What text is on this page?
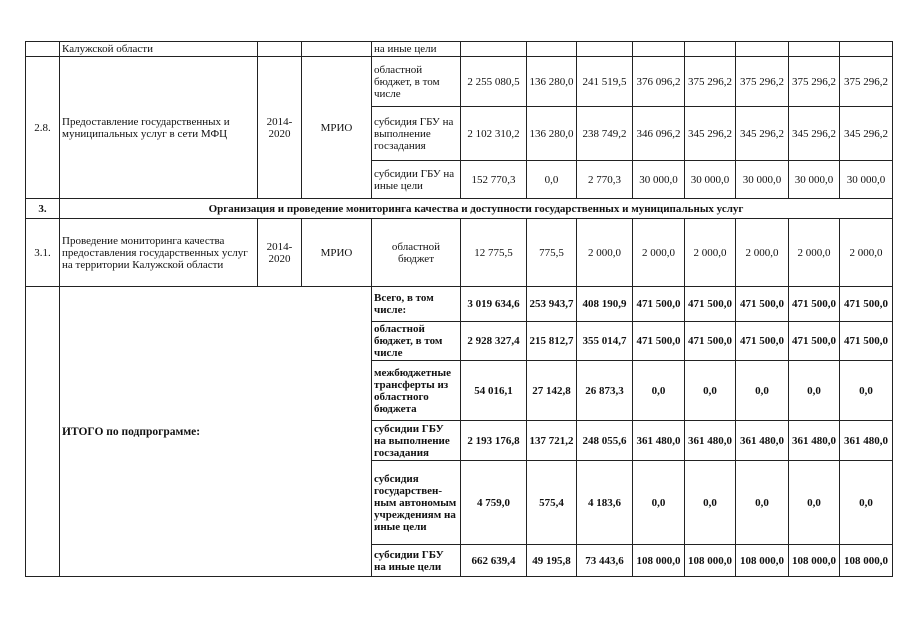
	Калужской области			на иные цели								
2.8.	Предоставление государственных и муниципальных услуг в сети МФЦ	2014-2020	МРИО	областной бюджет, в том числе	2 255 080,5	136 280,0	241 519,5	376 096,2	375 296,2	375 296,2	375 296,2	375 296,2
				субсидия ГБУ на выполнение госзадания	2 102 310,2	136 280,0	238 749,2	346 096,2	345 296,2	345 296,2	345 296,2	345 296,2
				субсидии ГБУ на иные цели	152 770,3	0,0	2 770,3	30 000,0	30 000,0	30 000,0	30 000,0	30 000,0
3.	Организация и проведение мониторинга качества и доступности государственных и муниципальных услуг											
3.1.	Проведение мониторинга качества предоставления государственных услуг на территории Калужской области	2014-2020	МРИО	областной бюджет	12 775,5	775,5	2 000,0	2 000,0	2 000,0	2 000,0	2 000,0	2 000,0
	ИТОГО по подпрограмме:			Всего, в том числе:	3 019 634,6	253 943,7	408 190,9	471 500,0	471 500,0	471 500,0	471 500,0	471 500,0
				областной бюджет, в том числе	2 928 327,4	215 812,7	355 014,7	471 500,0	471 500,0	471 500,0	471 500,0	471 500,0
				межбюджетные трансферты из областного бюджета	54 016,1	27 142,8	26 873,3	0,0	0,0	0,0	0,0	0,0
				субсидии ГБУ на выполнение госзадания	2 193 176,8	137 721,2	248 055,6	361 480,0	361 480,0	361 480,0	361 480,0	361 480,0
				субсидия государствен-ным автономым учреждениям на иные цели	4 759,0	575,4	4 183,6	0,0	0,0	0,0	0,0	0,0
				субсидии ГБУ на иные цели	662 639,4	49 195,8	73 443,6	108 000,0	108 000,0	108 000,0	108 000,0	108 000,0
